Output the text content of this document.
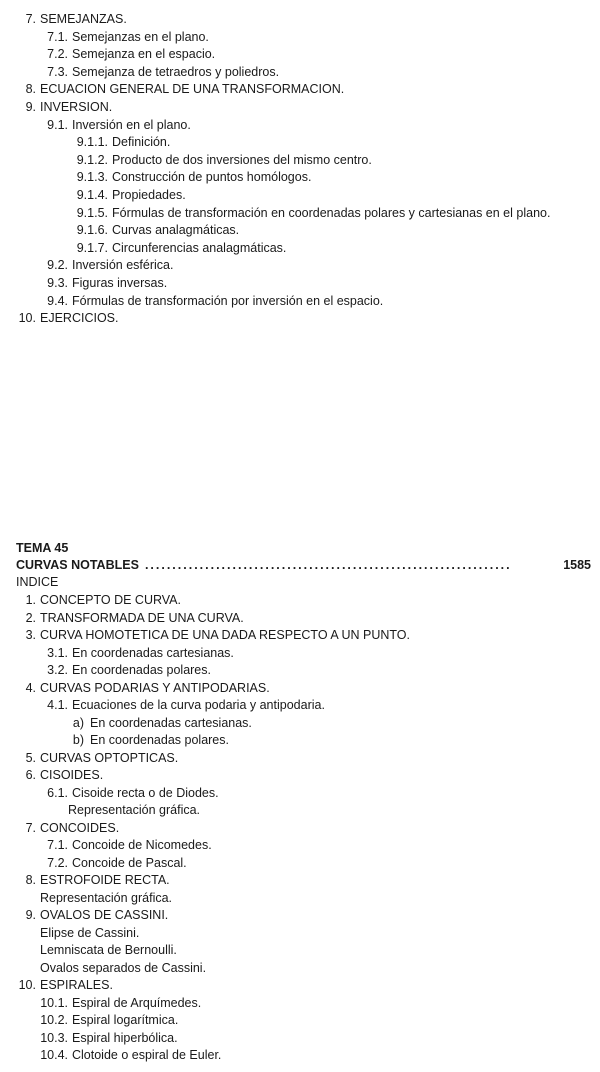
7. SEMEJANZAS.
7.1. Semejanzas en el plano.
7.2. Semejanza en el espacio.
7.3. Semejanza de tetraedros y poliedros.
8. ECUACION GENERAL DE UNA TRANSFORMACION.
9. INVERSION.
9.1. Inversión en el plano.
9.1.1. Definición.
9.1.2. Producto de dos inversiones del mismo centro.
9.1.3. Construcción de puntos homólogos.
9.1.4. Propiedades.
9.1.5. Fórmulas de transformación en coordenadas polares y cartesianas en el plano.
9.1.6. Curvas analagmáticas.
9.1.7. Circunferencias analagmáticas.
9.2. Inversión esférica.
9.3. Figuras inversas.
9.4. Fórmulas de transformación por inversión en el espacio.
10. EJERCICIOS.
TEMA 45
CURVAS NOTABLES ...................................................................	1585
INDICE
1. CONCEPTO DE CURVA.
2. TRANSFORMADA DE UNA CURVA.
3. CURVA HOMOTETICA DE UNA DADA RESPECTO A UN PUNTO.
3.1. En coordenadas cartesianas.
3.2. En coordenadas polares.
4. CURVAS PODARIAS Y ANTIPODARIAS.
4.1. Ecuaciones de la curva podaria y antipodaria.
a) En coordenadas cartesianas.
b) En coordenadas polares.
5. CURVAS OPTOPTICAS.
6. CISOIDES.
6.1. Cisoide recta o de Diodes.
Representación gráfica.
7. CONCOIDES.
7.1. Concoide de Nicomedes.
7.2. Concoide de Pascal.
8. ESTROFOIDE RECTA.
Representación gráfica.
9. OVALOS DE CASSINI.
Elipse de Cassini.
Lemniscata de Bernoulli.
Ovalos separados de Cassini.
10. ESPIRALES.
10.1. Espiral de Arquímedes.
10.2. Espiral logarítmica.
10.3. Espiral hiperbólica.
10.4. Clotoide o espiral de Euler.
